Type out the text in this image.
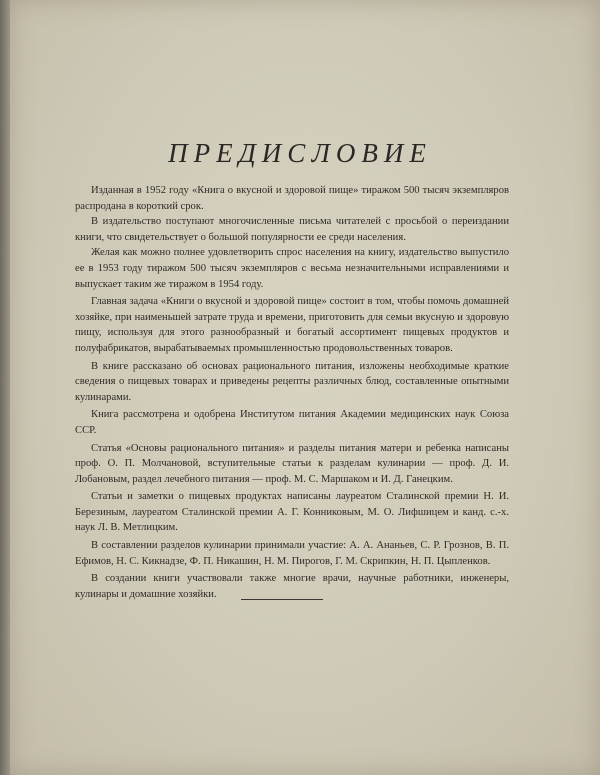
ПРЕДИСЛОВИЕ

Изданная в 1952 году «Книга о вкусной и здоровой пище» тиражом 500 тысяч экземпляров распродана в короткий срок.

В издательство поступают многочисленные письма читателей с просьбой о переиздании книги, что свидетельствует о большой популярности ее среди населения.

Желая как можно полнее удовлетворить спрос населения на книгу, издательство выпустило ее в 1953 году тиражом 500 тысяч экземпляров с весьма незначительными исправлениями и выпускает таким же тиражом в 1954 году.

Главная задача «Книги о вкусной и здоровой пище» состоит в том, чтобы помочь домашней хозяйке, при наименьшей затрате труда и времени, приготовить для семьи вкусную и здоровую пищу, используя для этого разнообразный и богатый ассортимент пищевых продуктов и полуфабрикатов, вырабатываемых промышленностью продовольственных товаров.

В книге рассказано об основах рационального питания, изложены необходимые краткие сведения о пищевых товарах и приведены рецепты различных блюд, составленные опытными кулинарами.

Книга рассмотрена и одобрена Институтом питания Академии медицинских наук Союза ССР.

Статья «Основы рационального питания» и разделы питания матери и ребенка написаны проф. О. П. Молчановой, вступительные статьи к разделам кулинарии — проф. Д. И. Лобановым, раздел лечебного питания — проф. М. С. Маршаком и И. Д. Ганецким.

Статьи и заметки о пищевых продуктах написаны лауреатом Сталинской премии Н. И. Березиным, лауреатом Сталинской премии А. Г. Конниковым, М. О. Лифшицем и канд. с.-х. наук Л. В. Метлицким.

В составлении разделов кулинарии принимали участие: А. А. Ананьев, С. Р. Грознов, В. П. Ефимов, Н. С. Кикнадзе, Ф. П. Никашин, Н. М. Пирогов, Г. М. Скрипкин, Н. П. Цыпленков.

В создании книги участвовали также многие врачи, научные работники, инженеры, кулинары и домашние хозяйки.
